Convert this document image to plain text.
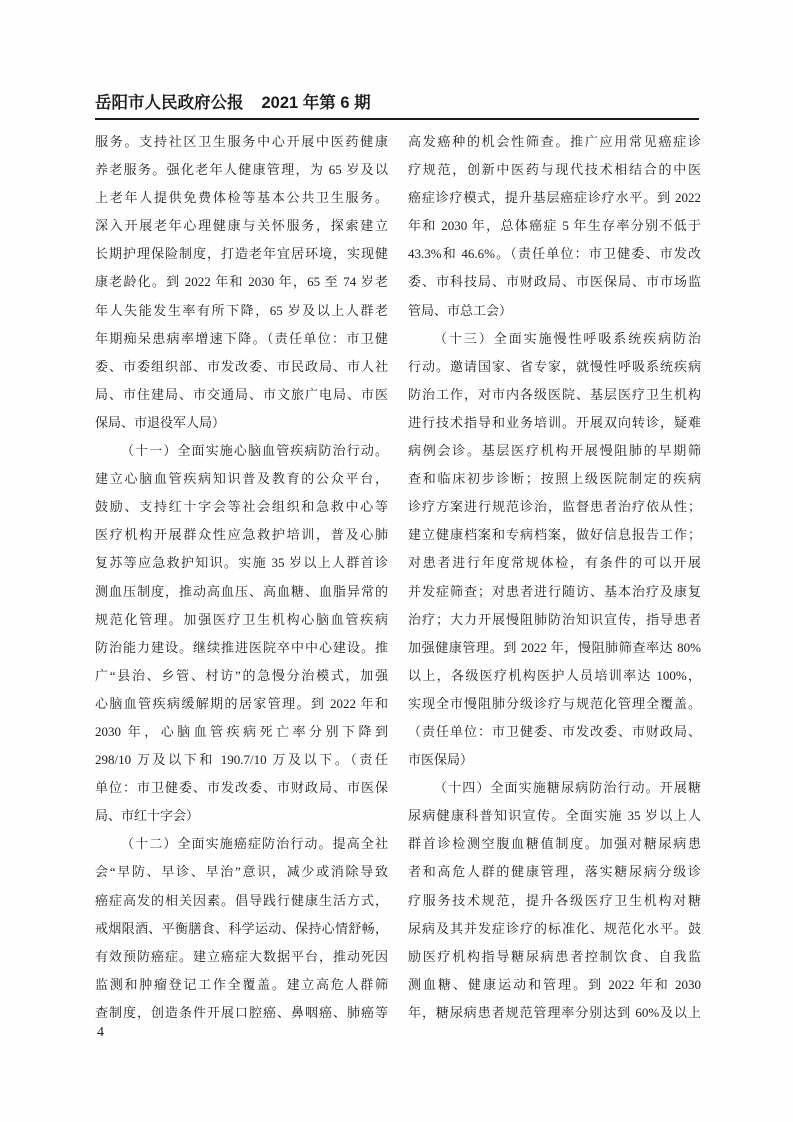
岳阳市人民政府公报 2021 年第 6 期
服务。支持社区卫生服务中心开展中医药健康
养老服务。强化老年人健康管理，为 65 岁及以
上老年人提供免费体检等基本公共卫生服务。
深入开展老年心理健康与关怀服务，探索建立
长期护理保险制度，打造老年宜居环境，实现健
康老龄化。到 2022 年和 2030 年，65 至 74 岁老
年人失能发生率有所下降，65 岁及以上人群老
年期痴呆患病率增速下降。（责任单位：市卫健
委、市委组织部、市发改委、市民政局、市人社
局、市住建局、市交通局、市文旅广电局、市医
保局、市退役军人局）
（十一）全面实施心脑血管疾病防治行动。
建立心脑血管疾病知识普及教育的公众平台，
鼓励、支持红十字会等社会组织和急救中心等
医疗机构开展群众性应急救护培训，普及心肺
复苏等应急救护知识。实施 35 岁以上人群首诊
测血压制度，推动高血压、高血糖、血脂异常的
规范化管理。加强医疗卫生机构心脑血管疾病
防治能力建设。继续推进医院卒中中心建设。推
广“县治、乡管、村访”的急慢分治模式，加强
心脑血管疾病缓解期的居家管理。到 2022 年和
2030 年，心脑血管疾病死亡率分别下降到
298/10 万及以下和 190.7/10 万及以下。（责任
单位：市卫健委、市发改委、市财政局、市医保
局、市红十字会）
（十二）全面实施癌症防治行动。提高全社
会“早防、早诊、早治”意识，减少或消除导致
癌症高发的相关因素。倡导践行健康生活方式，
戒烟限酒、平衡膳食、科学运动、保持心情舒畅，
有效预防癌症。建立癌症大数据平台，推动死因
监测和肿瘤登记工作全覆盖。建立高危人群筛
查制度，创造条件开展口腔癌、鼻咽癌、肺癌等
高发癌种的机会性筛查。推广应用常见癌症诊
疗规范，创新中医药与现代技术相结合的中医
癌症诊疗模式，提升基层癌症诊疗水平。到 2022
年和 2030 年，总体癌症 5 年生存率分别不低于
43.3%和 46.6%。（责任单位：市卫健委、市发改
委、市科技局、市财政局、市医保局、市市场监
管局、市总工会）
（十三）全面实施慢性呼吸系统疾病防治
行动。邀请国家、省专家，就慢性呼吸系统疾病
防治工作，对市内各级医院、基层医疗卫生机构
进行技术指导和业务培训。开展双向转诊，疑难
病例会诊。基层医疗机构开展慢阻肺的早期筛
查和临床初步诊断；按照上级医院制定的疾病
诊疗方案进行规范诊治，监督患者治疗依从性；
建立健康档案和专病档案，做好信息报告工作；
对患者进行年度常规体检，有条件的可以开展
并发症筛查；对患者进行随访、基本治疗及康复
治疗；大力开展慢阻肺防治知识宣传，指导患者
加强健康管理。到 2022 年，慢阻肺筛查率达 80%
以上，各级医疗机构医护人员培训率达 100%，
实现全市慢阻肺分级诊疗与规范化管理全覆盖。
（责任单位：市卫健委、市发改委、市财政局、
市医保局）
（十四）全面实施糖尿病防治行动。开展糖
尿病健康科普知识宣传。全面实施 35 岁以上人
群首诊检测空腹血糖值制度。加强对糖尿病患
者和高危人群的健康管理，落实糖尿病分级诊
疗服务技术规范，提升各级医疗卫生机构对糖
尿病及其并发症诊疗的标准化、规范化水平。鼓
励医疗机构指导糖尿病患者控制饮食、自我监
测血糖、健康运动和管理。到 2022 年和 2030
年，糖尿病患者规范管理率分别达到 60%及以上
4
